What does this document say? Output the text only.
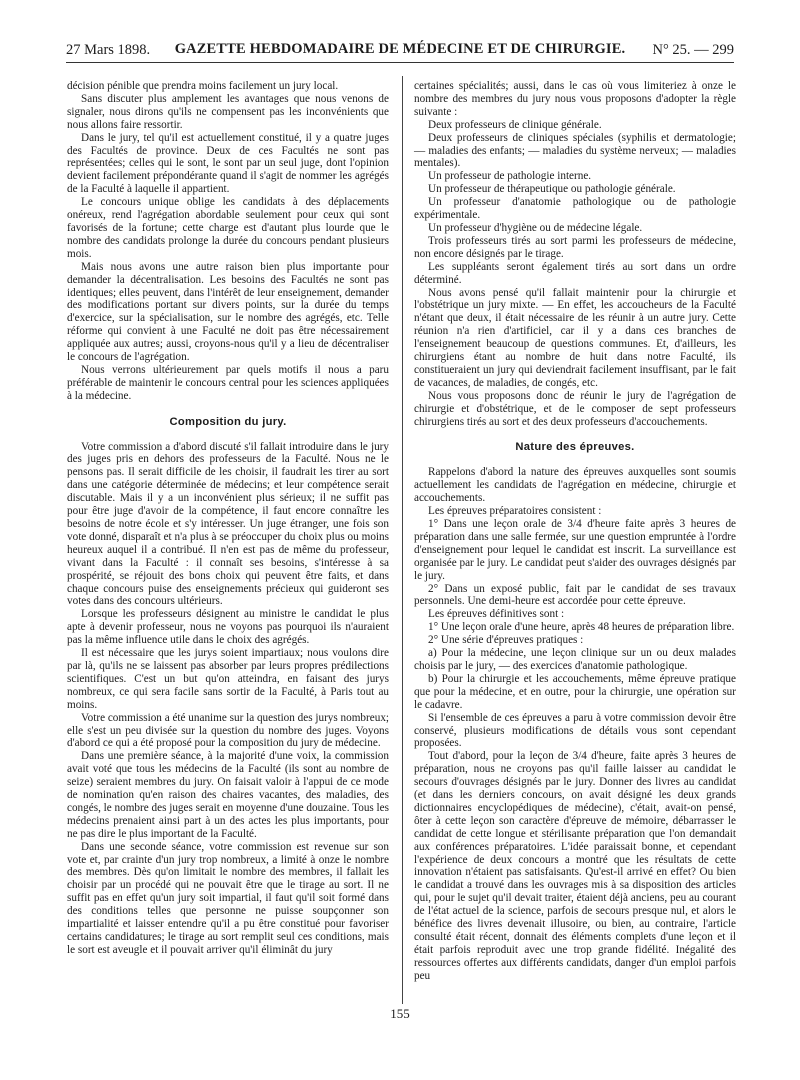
27 Mars 1898.	GAZETTE HEBDOMADAIRE DE MÉDECINE ET DE CHIRURGIE.	N° 25. — 299

décision pénible que prendra moins facilement un jury local.

Sans discuter plus amplement les avantages que nous venons de signaler, nous dirons qu'ils ne compensent pas les inconvénients que nous allons faire ressortir.

Dans le jury, tel qu'il est actuellement constitué, il y a quatre juges des Facultés de province. Deux de ces Facultés ne sont pas représentées; celles qui le sont, le sont par un seul juge, dont l'opinion devient facilement prépondérante quand il s'agit de nommer les agrégés de la Faculté à laquelle il appartient.

Le concours unique oblige les candidats à des déplacements onéreux, rend l'agrégation abordable seulement pour ceux qui sont favorisés de la fortune; cette charge est d'autant plus lourde que le nombre des candidats prolonge la durée du concours pendant plusieurs mois.

Mais nous avons une autre raison bien plus importante pour demander la décentralisation. Les besoins des Facultés ne sont pas identiques; elles peuvent, dans l'intérêt de leur enseignement, demander des modifications portant sur divers points, sur la durée du temps d'exercice, sur la spécialisation, sur le nombre des agrégés, etc. Telle réforme qui convient à une Faculté ne doit pas être nécessairement appliquée aux autres; aussi, croyons-nous qu'il y a lieu de décentraliser le concours de l'agrégation.

Nous verrons ultérieurement par quels motifs il nous a paru préférable de maintenir le concours central pour les sciences appliquées à la médecine.

Composition du jury.

Votre commission a d'abord discuté s'il fallait introduire dans le jury des juges pris en dehors des professeurs de la Faculté. Nous ne le pensons pas. Il serait difficile de les choisir, il faudrait les tirer au sort dans une catégorie déterminée de médecins; et leur compétence serait discutable. Mais il y a un inconvénient plus sérieux; il ne suffit pas pour être juge d'avoir de la compétence, il faut encore connaître les besoins de notre école et s'y intéresser. Un juge étranger, une fois son vote donné, disparaît et n'a plus à se préoccuper du choix plus ou moins heureux auquel il a contribué. Il n'en est pas de même du professeur, vivant dans la Faculté : il connaît ses besoins, s'intéresse à sa prospérité, se réjouit des bons choix qui peuvent être faits, et dans chaque concours puise des enseignements précieux qui guideront ses votes dans des concours ultérieurs.

Lorsque les professeurs désignent au ministre le candidat le plus apte à devenir professeur, nous ne voyons pas pourquoi ils n'auraient pas la même influence utile dans le choix des agrégés.

Il est nécessaire que les jurys soient impartiaux; nous voulons dire par là, qu'ils ne se laissent pas absorber par leurs propres prédilections scientifiques. C'est un but qu'on atteindra, en faisant des jurys nombreux, ce qui sera facile sans sortir de la Faculté, à Paris tout au moins.

Votre commission a été unanime sur la question des jurys nombreux; elle s'est un peu divisée sur la question du nombre des juges. Voyons d'abord ce qui a été proposé pour la composition du jury de médecine.

Dans une première séance, à la majorité d'une voix, la commission avait voté que tous les médecins de la Faculté (ils sont au nombre de seize) seraient membres du jury. On faisait valoir à l'appui de ce mode de nomination qu'en raison des chaires vacantes, des maladies, des congés, le nombre des juges serait en moyenne d'une douzaine. Tous les médecins prenaient ainsi part à un des actes les plus importants, pour ne pas dire le plus important de la Faculté.

Dans une seconde séance, votre commission est revenue sur son vote et, par crainte d'un jury trop nombreux, a limité à onze le nombre des membres. Dès qu'on limitait le nombre des membres, il fallait les choisir par un procédé qui ne pouvait être que le tirage au sort. Il ne suffit pas en effet qu'un jury soit impartial, il faut qu'il soit formé dans des conditions telles que personne ne puisse soupçonner son impartialité et laisser entendre qu'il a pu être constitué pour favoriser certains candidatures; le tirage au sort remplit seul ces conditions, mais le sort est aveugle et il pouvait arriver qu'il éliminât du jury

certaines spécialités; aussi, dans le cas où vous limiteriez à onze le nombre des membres du jury nous vous proposons d'adopter la règle suivante :

Deux professeurs de clinique générale.

Deux professeurs de cliniques spéciales (syphilis et dermatologie; — maladies des enfants; — maladies du système nerveux; — maladies mentales).

Un professeur de pathologie interne.

Un professeur de thérapeutique ou pathologie générale.

Un professeur d'anatomie pathologique ou de pathologie expérimentale.

Un professeur d'hygiène ou de médecine légale.

Trois professeurs tirés au sort parmi les professeurs de médecine, non encore désignés par le tirage.

Les suppléants seront également tirés au sort dans un ordre déterminé.

Nous avons pensé qu'il fallait maintenir pour la chirurgie et l'obstétrique un jury mixte. — En effet, les accoucheurs de la Faculté n'étant que deux, il était nécessaire de les réunir à un autre jury. Cette réunion n'a rien d'artificiel, car il y a dans ces branches de l'enseignement beaucoup de questions communes. Et, d'ailleurs, les chirurgiens étant au nombre de huit dans notre Faculté, ils constitueraient un jury qui deviendrait facilement insuffisant, par le fait de vacances, de maladies, de congés, etc.

Nous vous proposons donc de réunir le jury de l'agrégation de chirurgie et d'obstétrique, et de le composer de sept professeurs chirurgiens tirés au sort et des deux professeurs d'accouchements.

Nature des épreuves.

Rappelons d'abord la nature des épreuves auxquelles sont soumis actuellement les candidats de l'agrégation en médecine, chirurgie et accouchements.

Les épreuves préparatoires consistent :

1° Dans une leçon orale de 3/4 d'heure faite après 3 heures de préparation dans une salle fermée, sur une question empruntée à l'ordre d'enseignement pour lequel le candidat est inscrit. La surveillance est organisée par le jury. Le candidat peut s'aider des ouvrages désignés par le jury.

2° Dans un exposé public, fait par le candidat de ses travaux personnels. Une demi-heure est accordée pour cette épreuve.

Les épreuves définitives sont :

1° Une leçon orale d'une heure, après 48 heures de préparation libre.

2° Une série d'épreuves pratiques :

a) Pour la médecine, une leçon clinique sur un ou deux malades choisis par le jury, — des exercices d'anatomie pathologique.

b) Pour la chirurgie et les accouchements, même épreuve pratique que pour la médecine, et en outre, pour la chirurgie, une opération sur le cadavre.

Si l'ensemble de ces épreuves a paru à votre commission devoir être conservé, plusieurs modifications de détails vous sont cependant proposées.

Tout d'abord, pour la leçon de 3/4 d'heure, faite après 3 heures de préparation, nous ne croyons pas qu'il faille laisser au candidat le secours d'ouvrages désignés par le jury. Donner des livres au candidat (et dans les derniers concours, on avait désigné les deux grands dictionnaires encyclopédiques de médecine), c'était, avait-on pensé, ôter à cette leçon son caractère d'épreuve de mémoire, débarrasser le candidat de cette longue et stérilisante préparation que l'on demandait aux conférences préparatoires. L'idée paraissait bonne, et cependant l'expérience de deux concours a montré que les résultats de cette innovation n'étaient pas satisfaisants. Qu'est-il arrivé en effet? Ou bien le candidat a trouvé dans les ouvrages mis à sa disposition des articles qui, pour le sujet qu'il devait traiter, étaient déjà anciens, peu au courant de l'état actuel de la science, parfois de secours presque nul, et alors le bénéfice des livres devenait illusoire, ou bien, au contraire, l'article consulté était récent, donnait des éléments complets d'une leçon et il était parfois reproduit avec une trop grande fidélité. Inégalité des ressources offertes aux différents candidats, danger d'un emploi parfois peu

155
